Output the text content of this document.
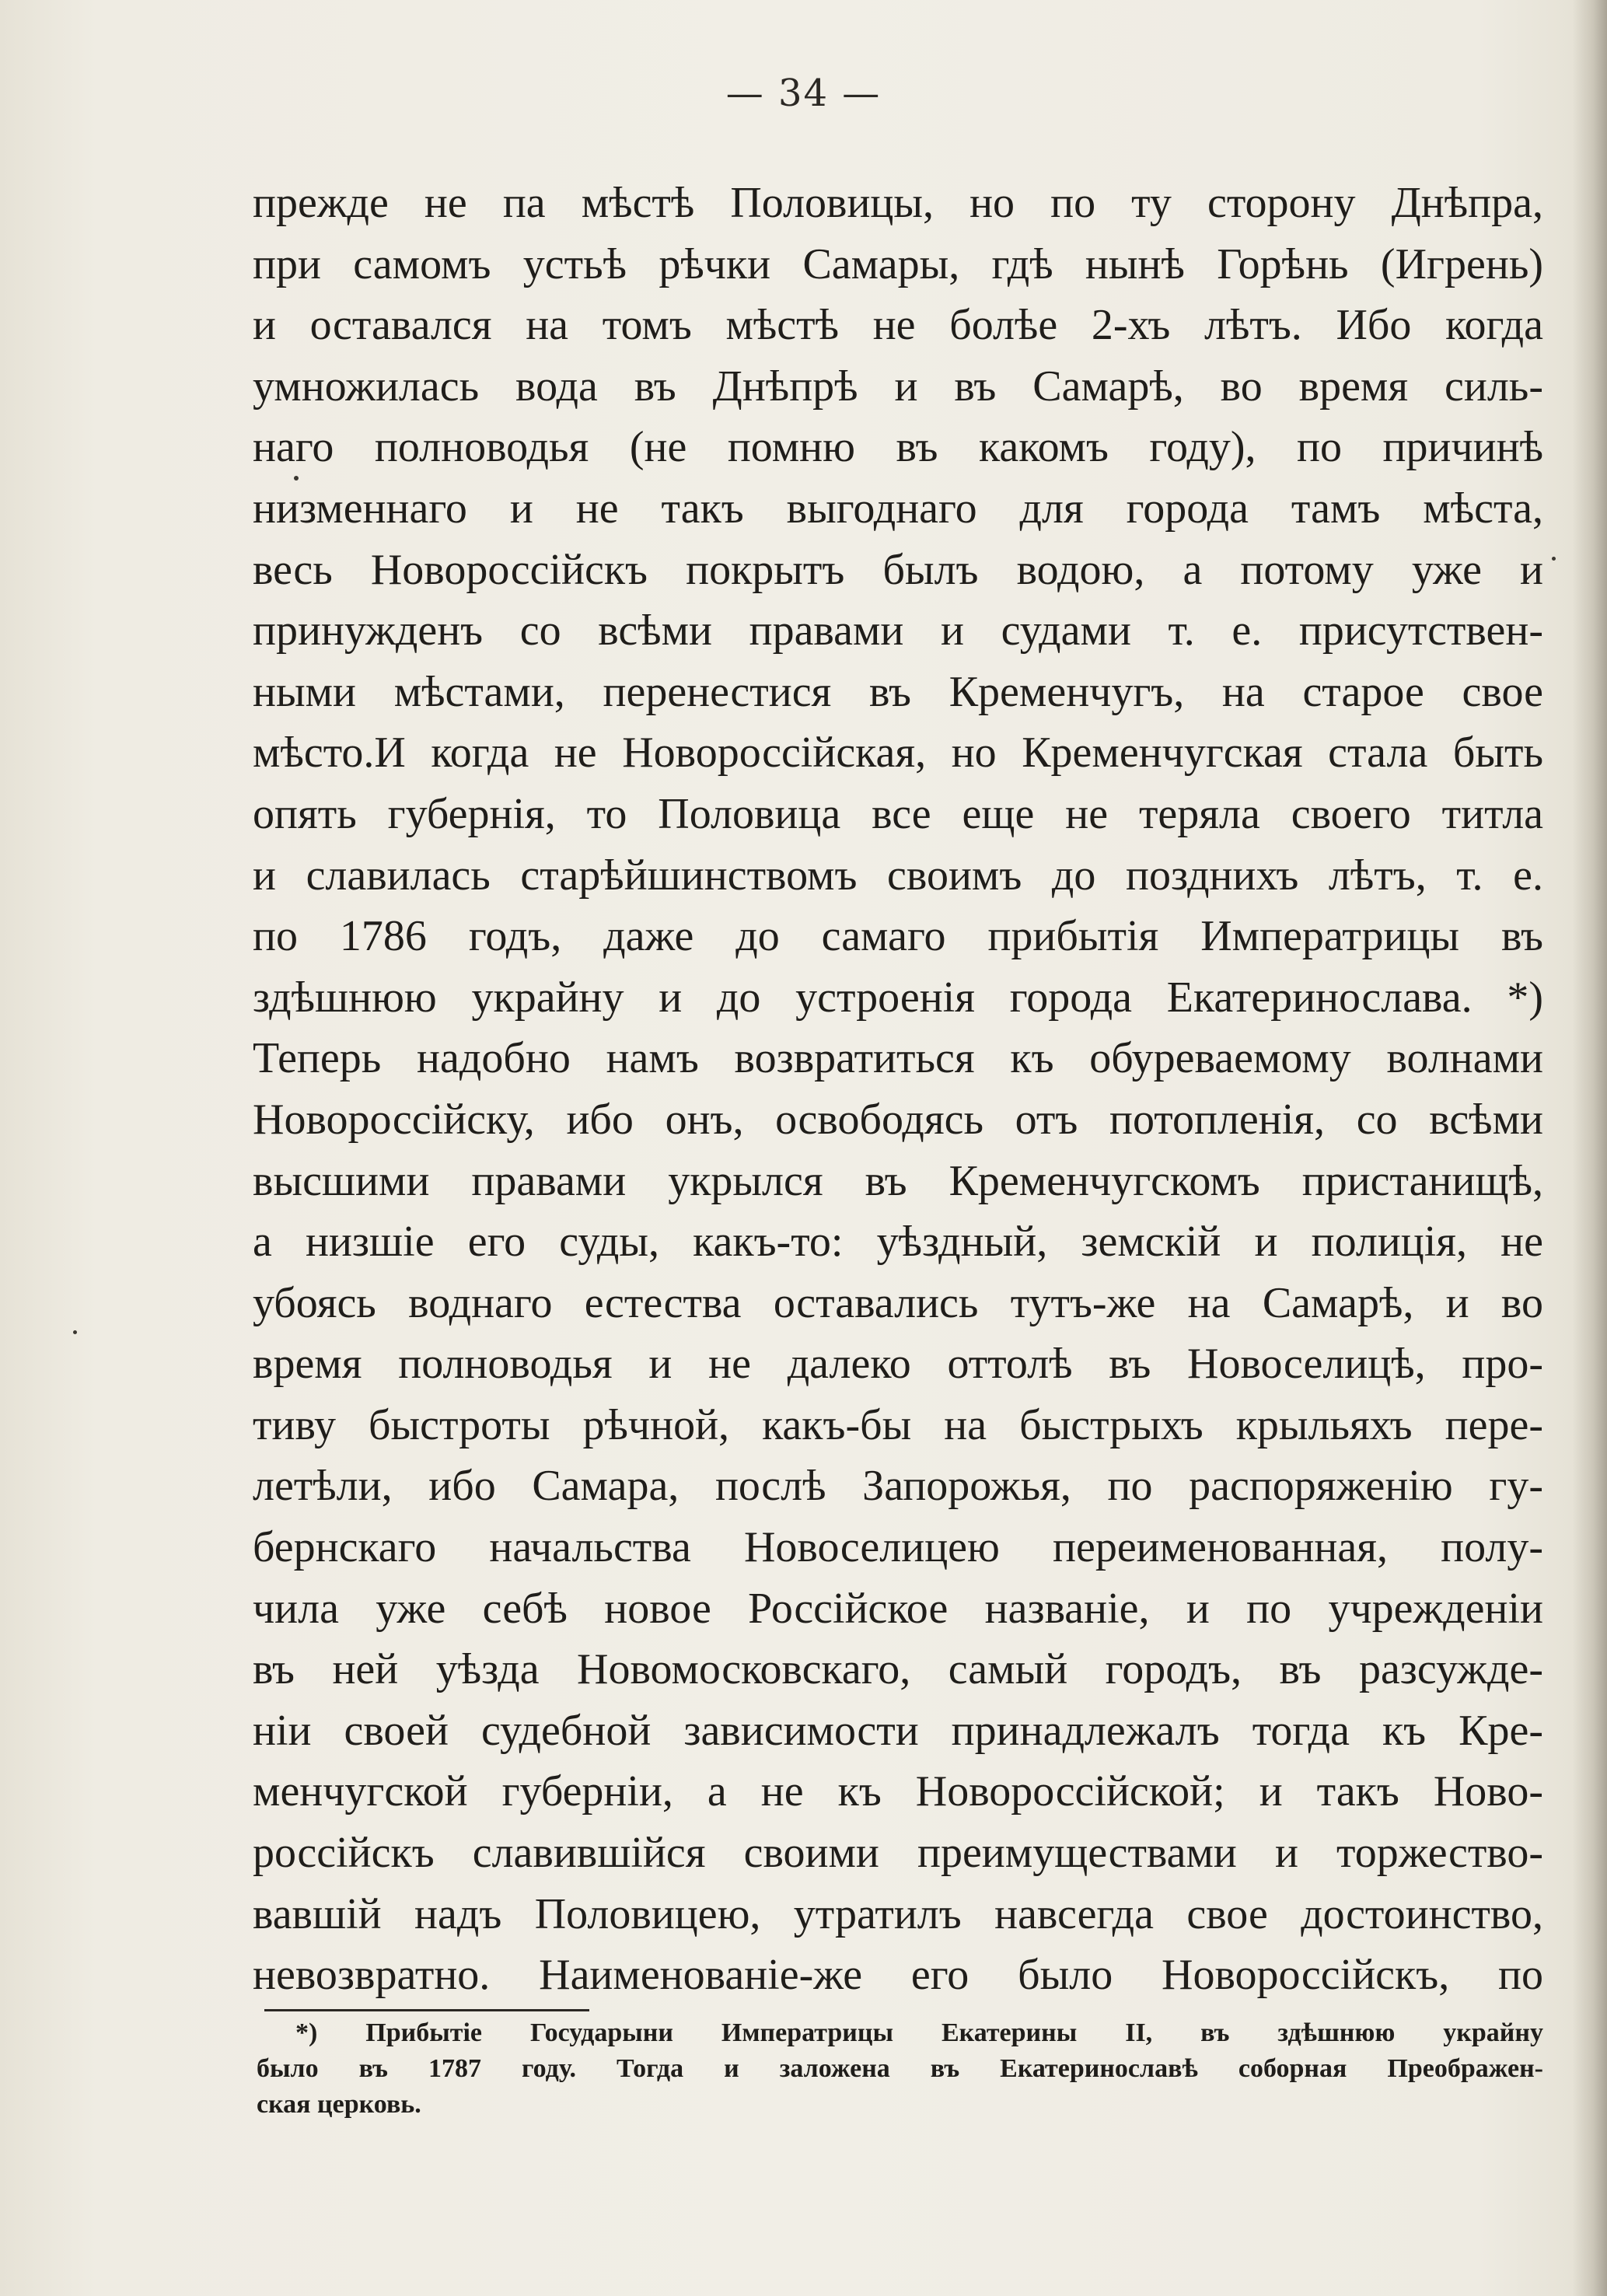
— 34 —
прежде не па мѣстѣ Половицы, но по ту сторону Днѣпра,
при самомъ устьѣ рѣчки Самары, гдѣ нынѣ Горѣнь (Игрень)
и оставался на томъ мѣстѣ не болѣе 2-хъ лѣтъ. Ибо когда
умножилась вода въ Днѣпрѣ и въ Самарѣ, во время силь-
наго полноводья (не помню въ какомъ году), по причинѣ
низменнаго и не такъ выгоднаго для города тамъ мѣста,
весь Новороссійскъ покрытъ былъ водою, а потому уже и
принужденъ со всѣми правами и судами т. е. присутствен-
ными мѣстами, перенестися въ Кременчугъ, на старое свое
мѣсто.И когда не Новороссійская, но Кременчугская стала быть
опять губернія, то Половица все еще не теряла своего титла
и славилась старѣйшинствомъ своимъ до позднихъ лѣтъ, т. е.
по 1786 годъ, даже до самаго прибытія Императрицы въ
здѣшнюю украйну и до устроенія города Екатеринослава. *)
Теперь надобно намъ возвратиться къ обуреваемому волнами
Новороссійску, ибо онъ, освободясь отъ потопленія, со всѣми
высшими правами укрылся въ Кременчугскомъ пристанищѣ,
а низшіе его суды, какъ-то: уѣздный, земскій и полиція, не
убоясь воднаго естества оставались тутъ-же на Самарѣ, и во
время полноводья и не далеко оттолѣ въ Новоселицѣ, про-
тиву быстроты рѣчной, какъ-бы на быстрыхъ крыльяхъ пере-
летѣли, ибо Самара, послѣ Запорожья, по распоряженію гу-
бернскаго начальства Новоселицею переименованная, полу-
чила уже себѣ новое Россійское названіе, и по учрежденіи
въ ней уѣзда Новомосковскаго, самый городъ, въ разсужде-
ніи своей судебной зависимости принадлежалъ тогда къ Кре-
менчугской губерніи, а не къ Новороссійской; и такъ Ново-
россійскъ славившійся своими преимуществами и торжество-
вавшій надъ Половицею, утратилъ навсегда свое достоинство,
невозвратно. Наименованіе-же его было Новороссійскъ, по
*) Прибытіе Государыни Императрицы Екатерины II, въ здѣшнюю украйну
было въ 1787 году. Тогда и заложена въ Екатеринославѣ соборная Преображен-
ская церковь.
